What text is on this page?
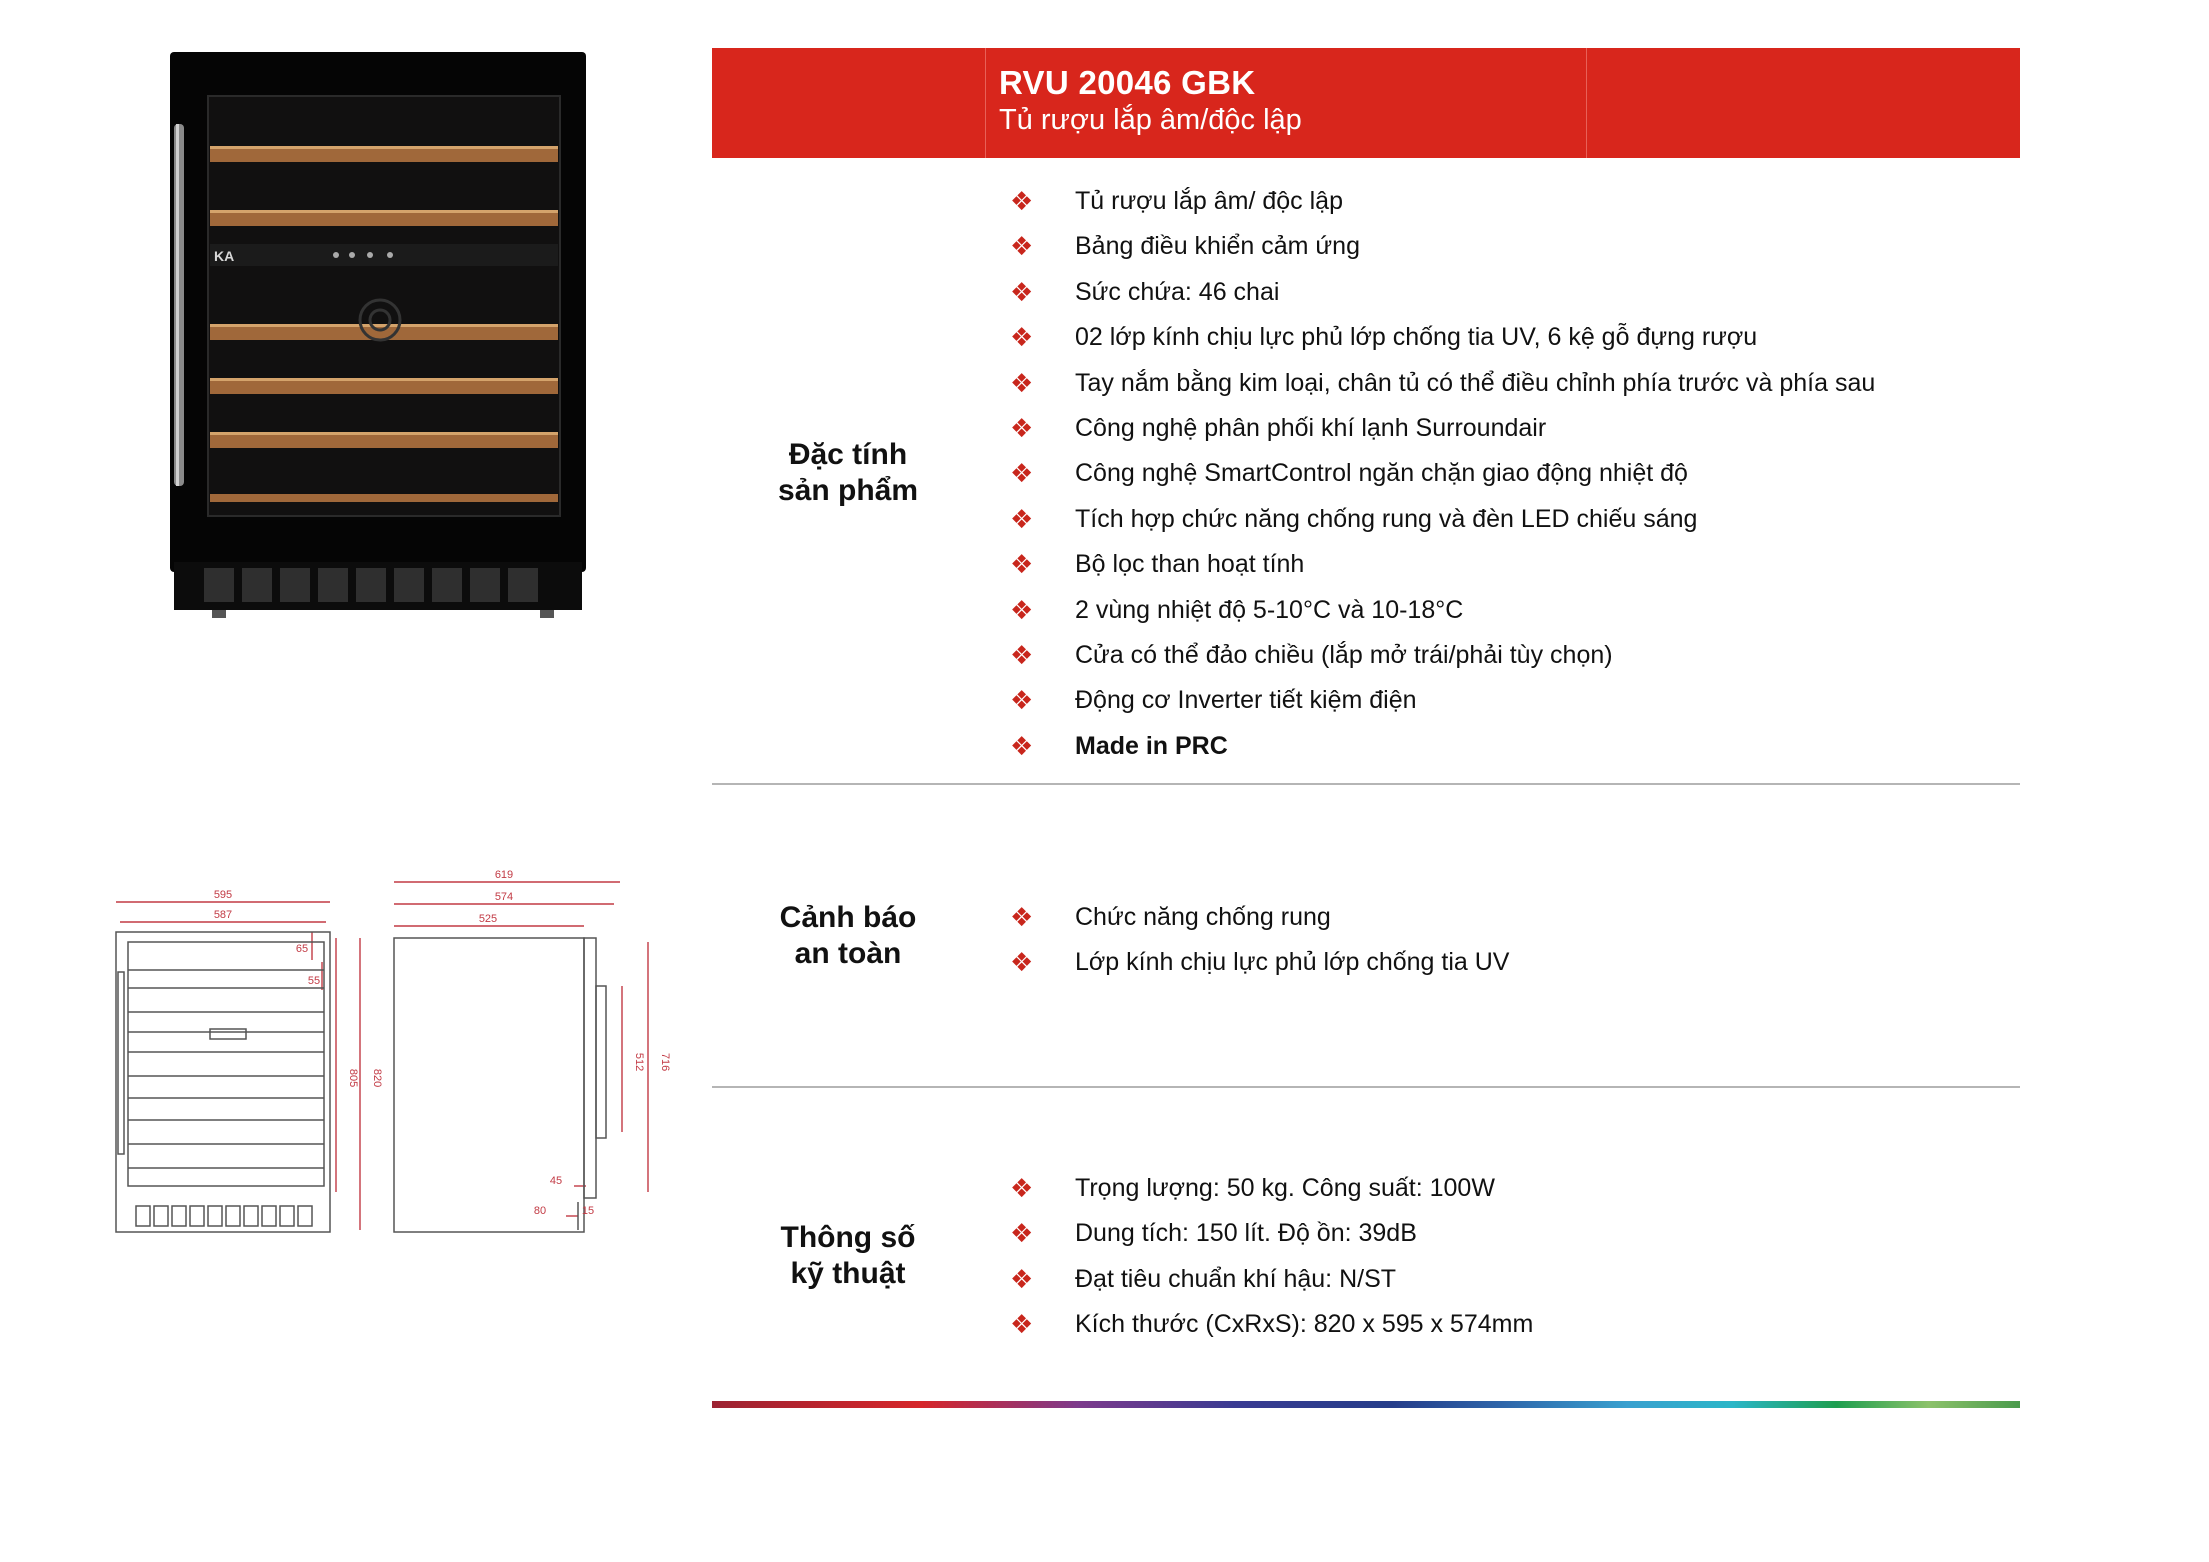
RVU 20046 GBK
Tủ rượu lắp âm/độc lập
Đặc tính
sản phẩm
❖ Tủ rượu lắp âm/ độc lập
❖ Bảng điều khiển cảm ứng
❖ Sức chứa: 46 chai
❖ 02 lớp kính chịu lực phủ lớp chống tia UV, 6 kệ gỗ đựng rượu
❖ Tay nắm bằng kim loại, chân tủ có thể điều chỉnh phía trước và phía sau
❖ Công nghệ phân phối khí lạnh Surroundair
❖ Công nghệ SmartControl ngăn chặn giao động nhiệt độ
❖ Tích hợp chức năng chống rung và đèn LED chiếu sáng
❖ Bộ lọc than hoạt tính
❖ 2 vùng nhiệt độ 5-10°C và 10-18°C
❖ Cửa có thể đảo chiều (lắp mở trái/phải tùy chọn)
❖ Động cơ Inverter tiết kiệm điện
❖ Made in PRC
Cảnh báo
an toàn
❖ Chức năng chống rung
❖ Lớp kính chịu lực phủ lớp chống tia UV
Thông số
kỹ thuật
❖ Trọng lượng: 50 kg. Công suất: 100W
❖ Dung tích: 150 lít. Độ ồn: 39dB
❖ Đạt tiêu chuẩn khí hậu: N/ST
❖ Kích thước (CxRxS): 820 x 595 x 574mm
KA
595
587
65
55
619
574
525
45
80	15
805 820
512 716
